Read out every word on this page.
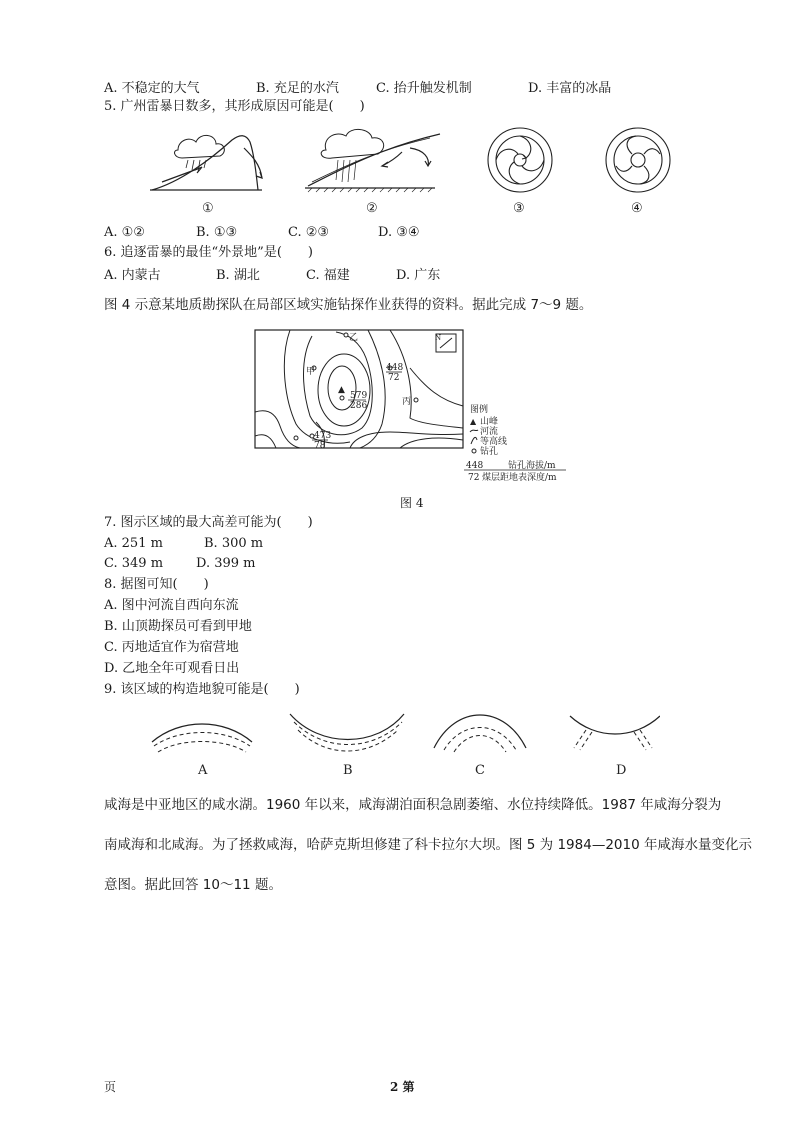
A. 不稳定的大气	B. 充足的水汽	C. 抬升触发机制	D. 丰富的冰晶
5. 广州雷暴日数多，其形成原因可能是(　　)
①	②	③	④
A. ①②	B. ①③	C. ②③	D. ③④
6. 追逐雷暴的最佳“外景地”是(　　)
A. 内蒙古	B. 湖北	C. 福建	D. 广东
图 4 示意某地质勘探队在局部区域实施钻探作业获得的资料。据此完成 7～9 题。
▲
乙
甲
丙
448
72
579
286
473
78
N
图例
▲ 山峰
河流
等高线
钻孔
448	钻孔海拔/m
72 煤层距地表深度/m
图 4
7. 图示区域的最大高差可能为(　　)
A. 251 m	B. 300 m
C. 349 m	D. 399 m
8. 据图可知(　　)
A. 图中河流自西向东流
B. 山顶勘探员可看到甲地
C. 丙地适宜作为宿营地
D. 乙地全年可观看日出
9. 该区域的构造地貌可能是(　　)
A	B	C	D
咸海是中亚地区的咸水湖。1960 年以来，咸海湖泊面积急剧萎缩、水位持续降低。1987 年咸海分裂为
南咸海和北咸海。为了拯救咸海，哈萨克斯坦修建了科卡拉尔大坝。图 5 为 1984—2010 年咸海水量变化示
意图。据此回答 10～11 题。
页	2 第
